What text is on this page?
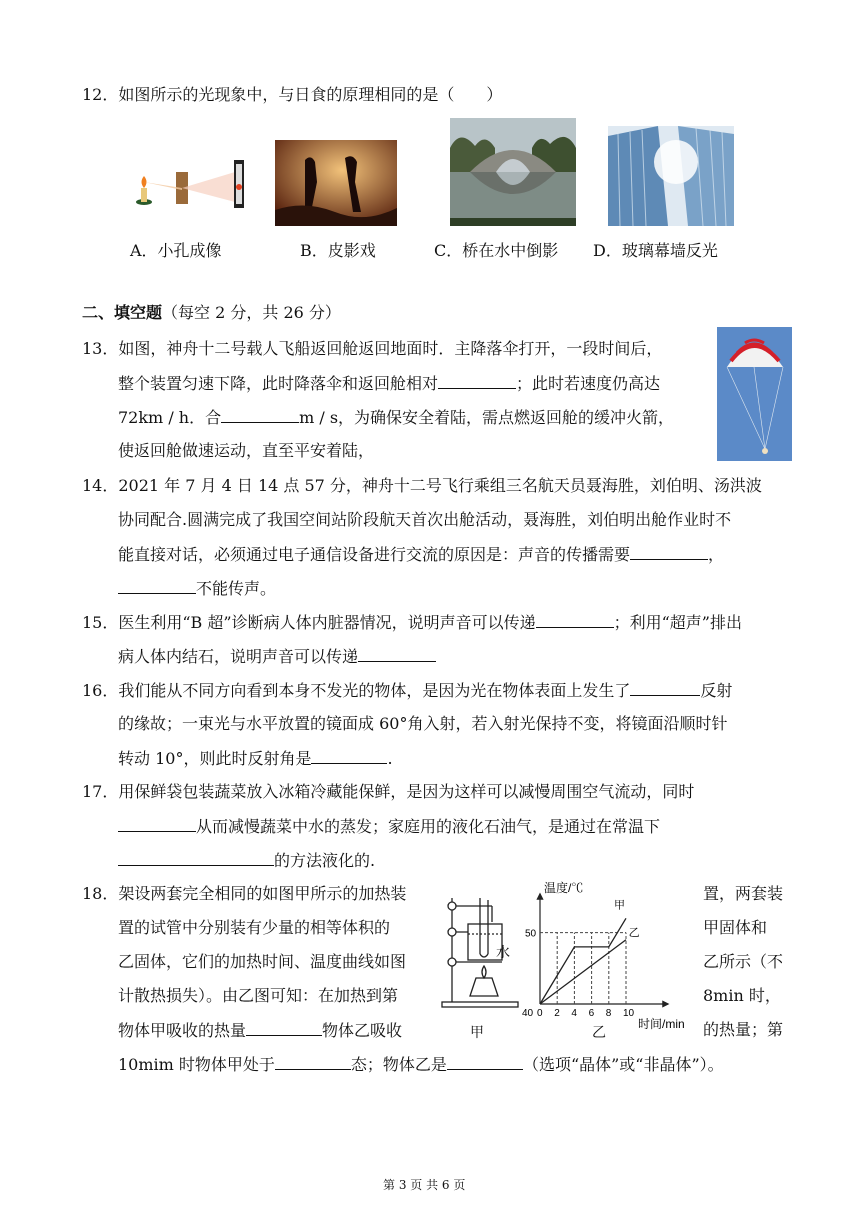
12．如图所示的光现象中，与日食的原理相同的是（　　）
A．小孔成像	B．皮影戏	C．桥在水中倒影 D．玻璃幕墙反光
二、填空题（每空 2 分，共 26 分）
13．如图，神舟十二号载人飞船返回舱返回地面时．主降落伞打开，一段时间后，
整个装置匀速下降，此时降落伞和返回舱相对	；此时若速度仍高达
72km / h．合	m / s，为确保安全着陆，需点燃返回舱的缓冲火箭，
使返回舱做速运动，直至平安着陆，
14．2021 年 7 月 4 日 14 点 57 分，神舟十二号飞行乘组三名航天员聂海胜，刘伯明、汤洪波
协同配合.圆满完成了我国空间站阶段航天首次出舱活动，聂海胜，刘伯明出舱作业时不
能直接对话，必须通过电子通信设备进行交流的原因是：声音的传播需要	，
不能传声。
15．医生利用“B 超”诊断病人体内脏器情况，说明声音可以传递	；利用“超声”排出
病人体内结石，说明声音可以传递
16．我们能从不同方向看到本身不发光的物体，是因为光在物体表面上发生了	反射
的缘故；一束光与水平放置的镜面成 60°角入射，若入射光保持不变，将镜面沿顺时针
转动 10°，则此时反射角是	.
17．用保鲜袋包装蔬菜放入冰箱冷藏能保鲜，是因为这样可以减慢周围空气流动，同时
从而减慢蔬菜中水的蒸发；家庭用的液化石油气，是通过在常温下
的方法液化的.
18．架设两套完全相同的如图甲所示的加热装
置的试管中分别装有少量的相等体积的
乙固体，它们的加热时间、温度曲线如图
计散热损失）。由乙图可知：在加热到第
物体甲吸收的热量	物体乙吸收
置，两套装
甲固体和
乙所示（不
8min 时，
的热量；第
10mim 时物体甲处于	态；物体乙是	（选项“晶体”或“非晶体”）。
水
甲
0 2 4 6 8 10
40
50
温度/℃
时间/min
甲
乙
乙
第 3 页 共 6 页
